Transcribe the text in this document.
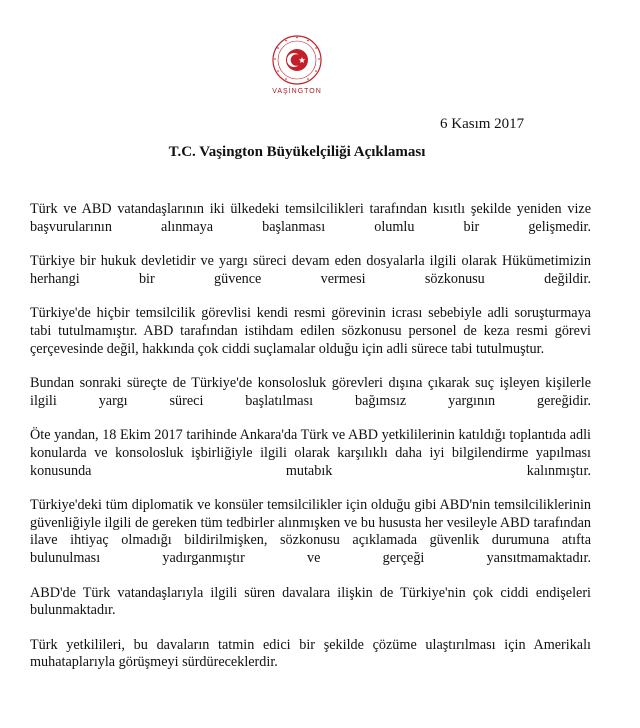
VAŞİNGTON
6 Kasım 2017
T.C. Vaşington Büyükelçiliği Açıklaması

Türk ve ABD vatandaşlarının iki ülkedeki temsilcilikleri tarafından kısıtlı şekilde yeniden vize başvurularının alınmaya başlanması olumlu bir gelişmedir.

Türkiye bir hukuk devletidir ve yargı süreci devam eden dosyalarla ilgili olarak Hükümetimizin herhangi bir güvence vermesi sözkonusu değildir.

Türkiye'de hiçbir temsilcilik görevlisi kendi resmi görevinin icrası sebebiyle adli soruşturmaya tabi tutulmamıştır. ABD tarafından istihdam edilen sözkonusu personel de keza resmi görevi çerçevesinde değil, hakkında çok ciddi suçlamalar olduğu için adli sürece tabi tutulmuştur.

Bundan sonraki süreçte de Türkiye'de konsolosluk görevleri dışına çıkarak suç işleyen kişilerle ilgili yargı süreci başlatılması bağımsız yargının gereğidir.

Öte yandan, 18 Ekim 2017 tarihinde Ankara'da Türk ve ABD yetkililerinin katıldığı toplantıda adli konularda ve konsolosluk işbirliğiyle ilgili olarak karşılıklı daha iyi bilgilendirme yapılması konusunda mutabık kalınmıştır.

Türkiye'deki tüm diplomatik ve konsüler temsilcilikler için olduğu gibi ABD'nin temsilciliklerinin güvenliğiyle ilgili de gereken tüm tedbirler alınmışken ve bu hususta her vesileyle ABD tarafından ilave ihtiyaç olmadığı bildirilmişken, sözkonusu açıklamada güvenlik durumuna atıfta bulunulması yadırganmıştır ve gerçeği yansıtmamaktadır.

ABD'de Türk vatandaşlarıyla ilgili süren davalara ilişkin de Türkiye'nin çok ciddi endişeleri bulunmaktadır.

Türk yetkilileri, bu davaların tatmin edici bir şekilde çözüme ulaştırılması için Amerikalı muhataplarıyla görüşmeyi sürdüreceklerdir.
